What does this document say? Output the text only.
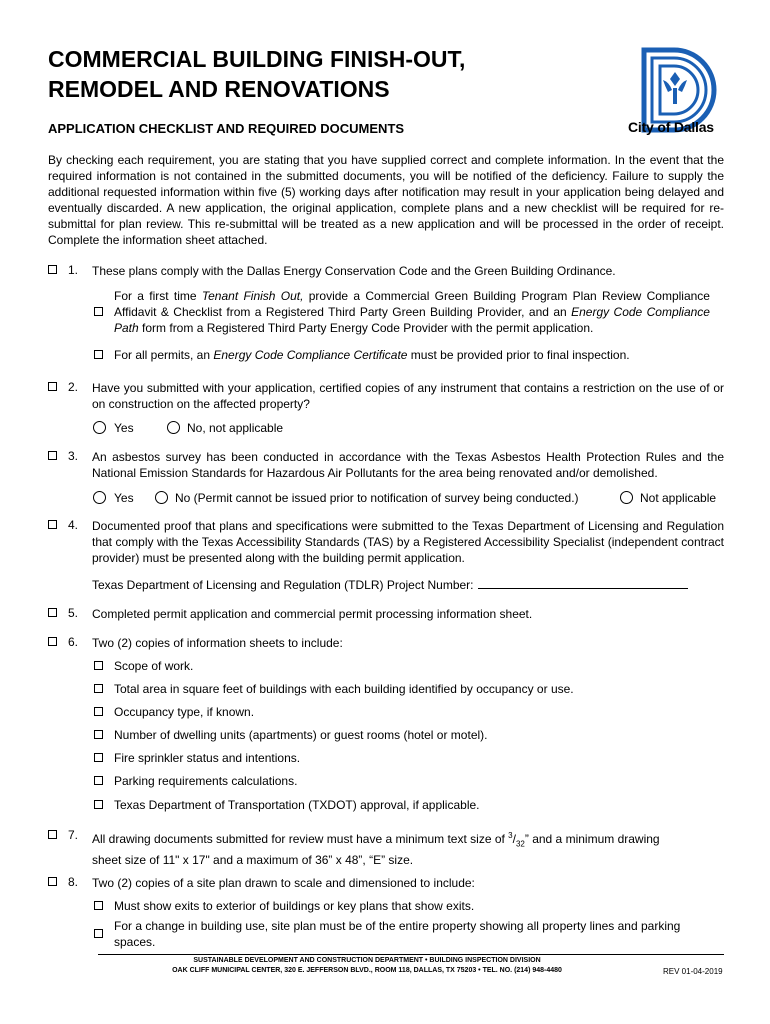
COMMERCIAL BUILDING FINISH-OUT,
REMODEL AND RENOVATIONS
APPLICATION CHECKLIST AND REQUIRED DOCUMENTS	City of Dallas
By checking each requirement, you are stating that you have supplied correct and complete information. In the event that the required information is not contained in the submitted documents, you will be notified of the deficiency. Failure to supply the additional requested information within five (5) working days after notification may result in your application being delayed and eventually discarded. A new application, the original application, complete plans and a new checklist will be required for re-submittal for plan review. This re-submittal will be treated as a new application and will be processed in the order of receipt. Complete the information sheet attached.
1. These plans comply with the Dallas Energy Conservation Code and the Green Building Ordinance.
For a first time Tenant Finish Out, provide a Commercial Green Building Program Plan Review Compliance Affidavit & Checklist from a Registered Third Party Green Building Provider, and an Energy Code Compliance Path form from a Registered Third Party Energy Code Provider with the permit application.
For all permits, an Energy Code Compliance Certificate must be provided prior to final inspection.
2. Have you submitted with your application, certified copies of any instrument that contains a restriction on the use of or on construction on the affected property?
Yes	No, not applicable
3. An asbestos survey has been conducted in accordance with the Texas Asbestos Health Protection Rules and the National Emission Standards for Hazardous Air Pollutants for the area being renovated and/or demolished.
Yes	No (Permit cannot be issued prior to notification of survey being conducted.)	Not applicable
4. Documented proof that plans and specifications were submitted to the Texas Department of Licensing and Regulation that comply with the Texas Accessibility Standards (TAS) by a Registered Accessibility Specialist (independent contract provider) must be presented along with the building permit application.
Texas Department of Licensing and Regulation (TDLR) Project Number:
5. Completed permit application and commercial permit processing information sheet.
6. Two (2) copies of information sheets to include:
Scope of work.
Total area in square feet of buildings with each building identified by occupancy or use.
Occupancy type, if known.
Number of dwelling units (apartments) or guest rooms (hotel or motel).
Fire sprinkler status and intentions.
Parking requirements calculations.
Texas Department of Transportation (TXDOT) approval, if applicable.
7. All drawing documents submitted for review must have a minimum text size of $^3/_{32}$” and a minimum drawing
sheet size of 11" x 17" and a maximum of 36” x 48”, “E” size.
8. Two (2) copies of a site plan drawn to scale and dimensioned to include:
Must show exits to exterior of buildings or key plans that show exits.
For a change in building use, site plan must be of the entire property showing all property lines and parking spaces.
SUSTAINABLE DEVELOPMENT AND CONSTRUCTION DEPARTMENT • BUILDING INSPECTION DIVISION
OAK CLIFF MUNICIPAL CENTER, 320 E. JEFFERSON BLVD., ROOM 118, DALLAS, TX 75203 • TEL. NO. (214) 948-4480	REV 01-04-2019
